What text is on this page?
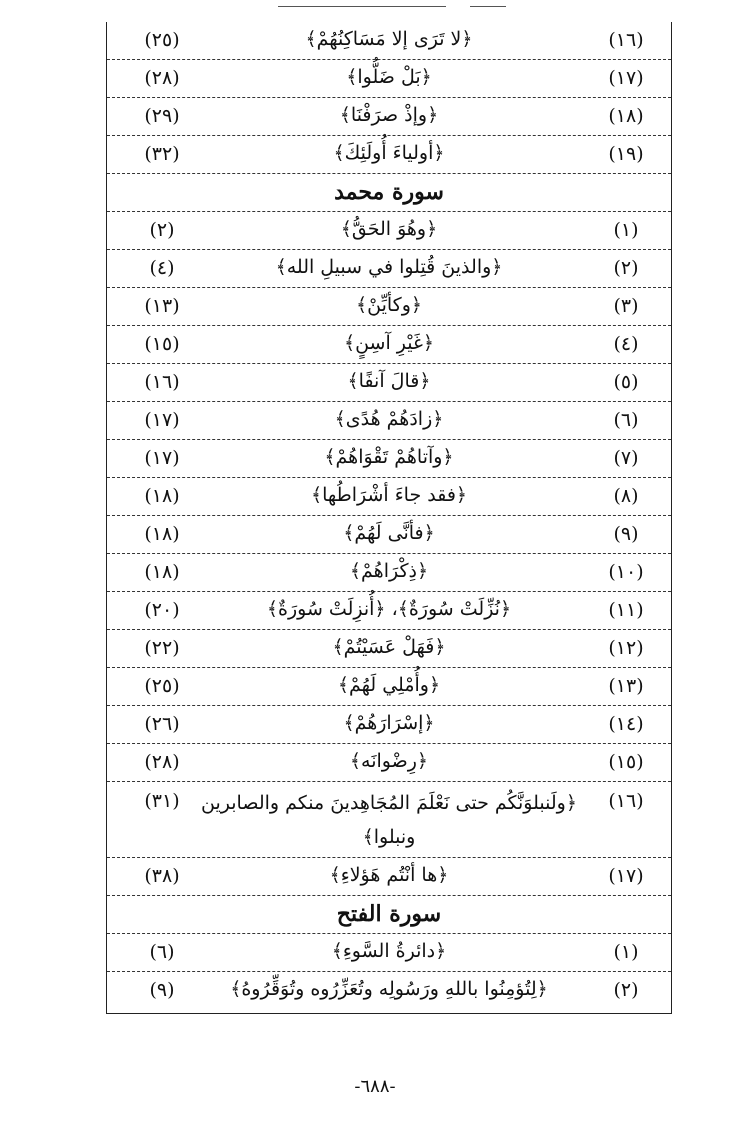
(١٦)
﴿لا تَرَى إلا مَسَاكِنُهُمْ﴾
(٢٥)
(١٧)
﴿بَلْ ضَلُّوا﴾
(٢٨)
(١٨)
﴿وإذْ صرَفْنَا﴾
(٢٩)
(١٩)
﴿أولياءَ أُولَئِكَ﴾
(٣٢)
سورة محمد
(١)
﴿وهُوَ الحَقُّ﴾
(٢)
(٢)
﴿والذينَ قُتِلوا في سبيلِ الله﴾
(٤)
(٣)
﴿وكأيِّنْ﴾
(١٣)
(٤)
﴿غَيْرِ آسِنٍ﴾
(١٥)
(٥)
﴿قالَ آنفًا﴾
(١٦)
(٦)
﴿زادَهُمْ هُدًى﴾
(١٧)
(٧)
﴿وآتاهُمْ تَقْوَاهُمْ﴾
(١٧)
(٨)
﴿فقد جاءَ أشْرَاطُها﴾
(١٨)
(٩)
﴿فأنَّى لَهُمْ﴾
(١٨)
(١٠)
﴿ذِكْرَاهُمْ﴾
(١٨)
(١١)
﴿نُزِّلَتْ سُورَةٌ﴾، ﴿أُنزِلَتْ سُورَةٌ﴾
(٢٠)
(١٢)
﴿فَهَلْ عَسَيْتُمْ﴾
(٢٢)
(١٣)
﴿وأُمْلِي لَهُمْ﴾
(٢٥)
(١٤)
﴿إسْرَارَهُمْ﴾
(٢٦)
(١٥)
﴿رِضْوانَه﴾
(٢٨)
(١٦)
﴿ولَنبلوَنَّكُم حتى نَعْلَمَ المُجَاهِدينَ منكم والصابرين ونبلوا﴾
(٣١)
(١٧)
﴿ها أنْتُم هَؤلاءِ﴾
(٣٨)
سورة الفتح
(١)
﴿دائرةُ السَّوءِ﴾
(٦)
(٢)
﴿لِتُؤمِنُوا باللهِ ورَسُولِه وتُعَزِّرُوه وتُوَقِّرُوهُ﴾
(٩)
-٦٨٨-
